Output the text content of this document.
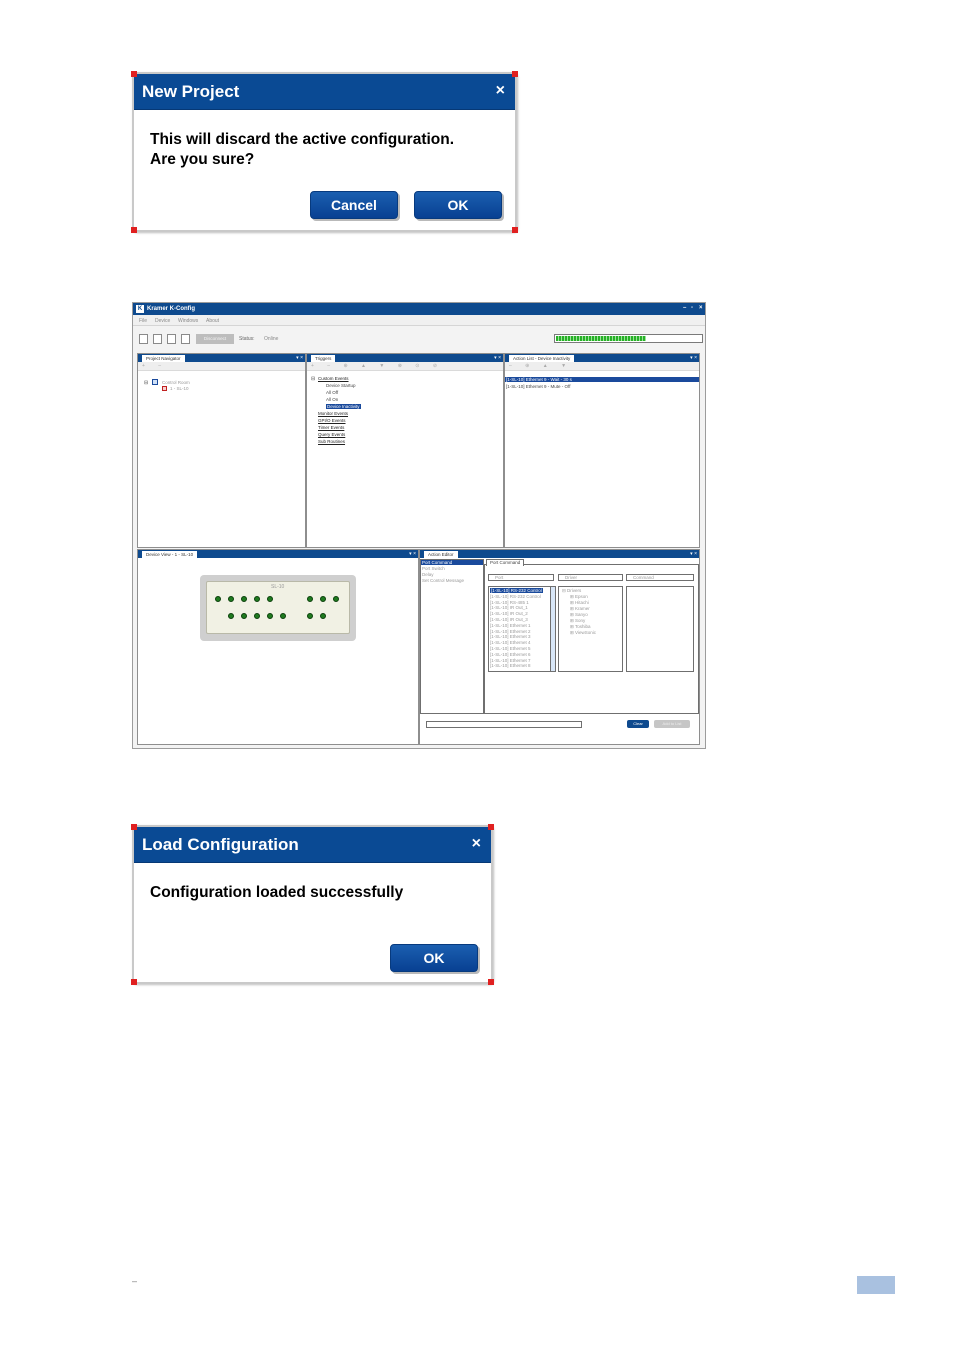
New Project	×
This will discard the active configuration.
Are you sure?
Cancel	OK
K Kramer K-Config	– ▫ ×
File Device Windows About
Disconnect	Status: Online
Project Navigator	▾ ×
+ –
⊟	Control Room
1 - SL-10
Triggers	▾ ×
+ – ⊕ ▲ ▼ ⊗ ⊙ ⊘
⊟ Custom Events
Device Startup
All Off
All On
Device Inactivity
Monitor Events
GPI/O Events
Timer Events
Query Events
Sub Routines
Action List - Device Inactivity	▾ ×
– ⊕ ▲ ▼
[1-SL-10] Ethernet 9 - Wait - 30 s
[1-SL-10] Ethernet 9 - Mute - Off
Device View - 1 - SL-10	▾ ×
SL-10
Action Editor	▾ ×
Port Command
Port Switch
Delay
Set Control Message
Port Command
Port	Driver	Command
[1-SL-10] RS-232 Control
[1-SL-10] RS-232 Control
[1-SL-10] RS-485 1
[1-SL-10] IR Out_1
[1-SL-10] IR Out_2
[1-SL-10] IR Out_3
[1-SL-10] Ethernet 1
[1-SL-10] Ethernet 2
[1-SL-10] Ethernet 3
[1-SL-10] Ethernet 4
[1-SL-10] Ethernet 5
[1-SL-10] Ethernet 6
[1-SL-10] Ethernet 7
[1-SL-10] Ethernet 8
⊟ Drivers
⊞ Epson
⊞ Hitachi
⊞ Kramer
⊞ Sanyo
⊞ Sony
⊞ Toshiba
⊞ ViewSonic
Clear	Add to List
Load Configuration	×
Configuration loaded successfully
OK
–
